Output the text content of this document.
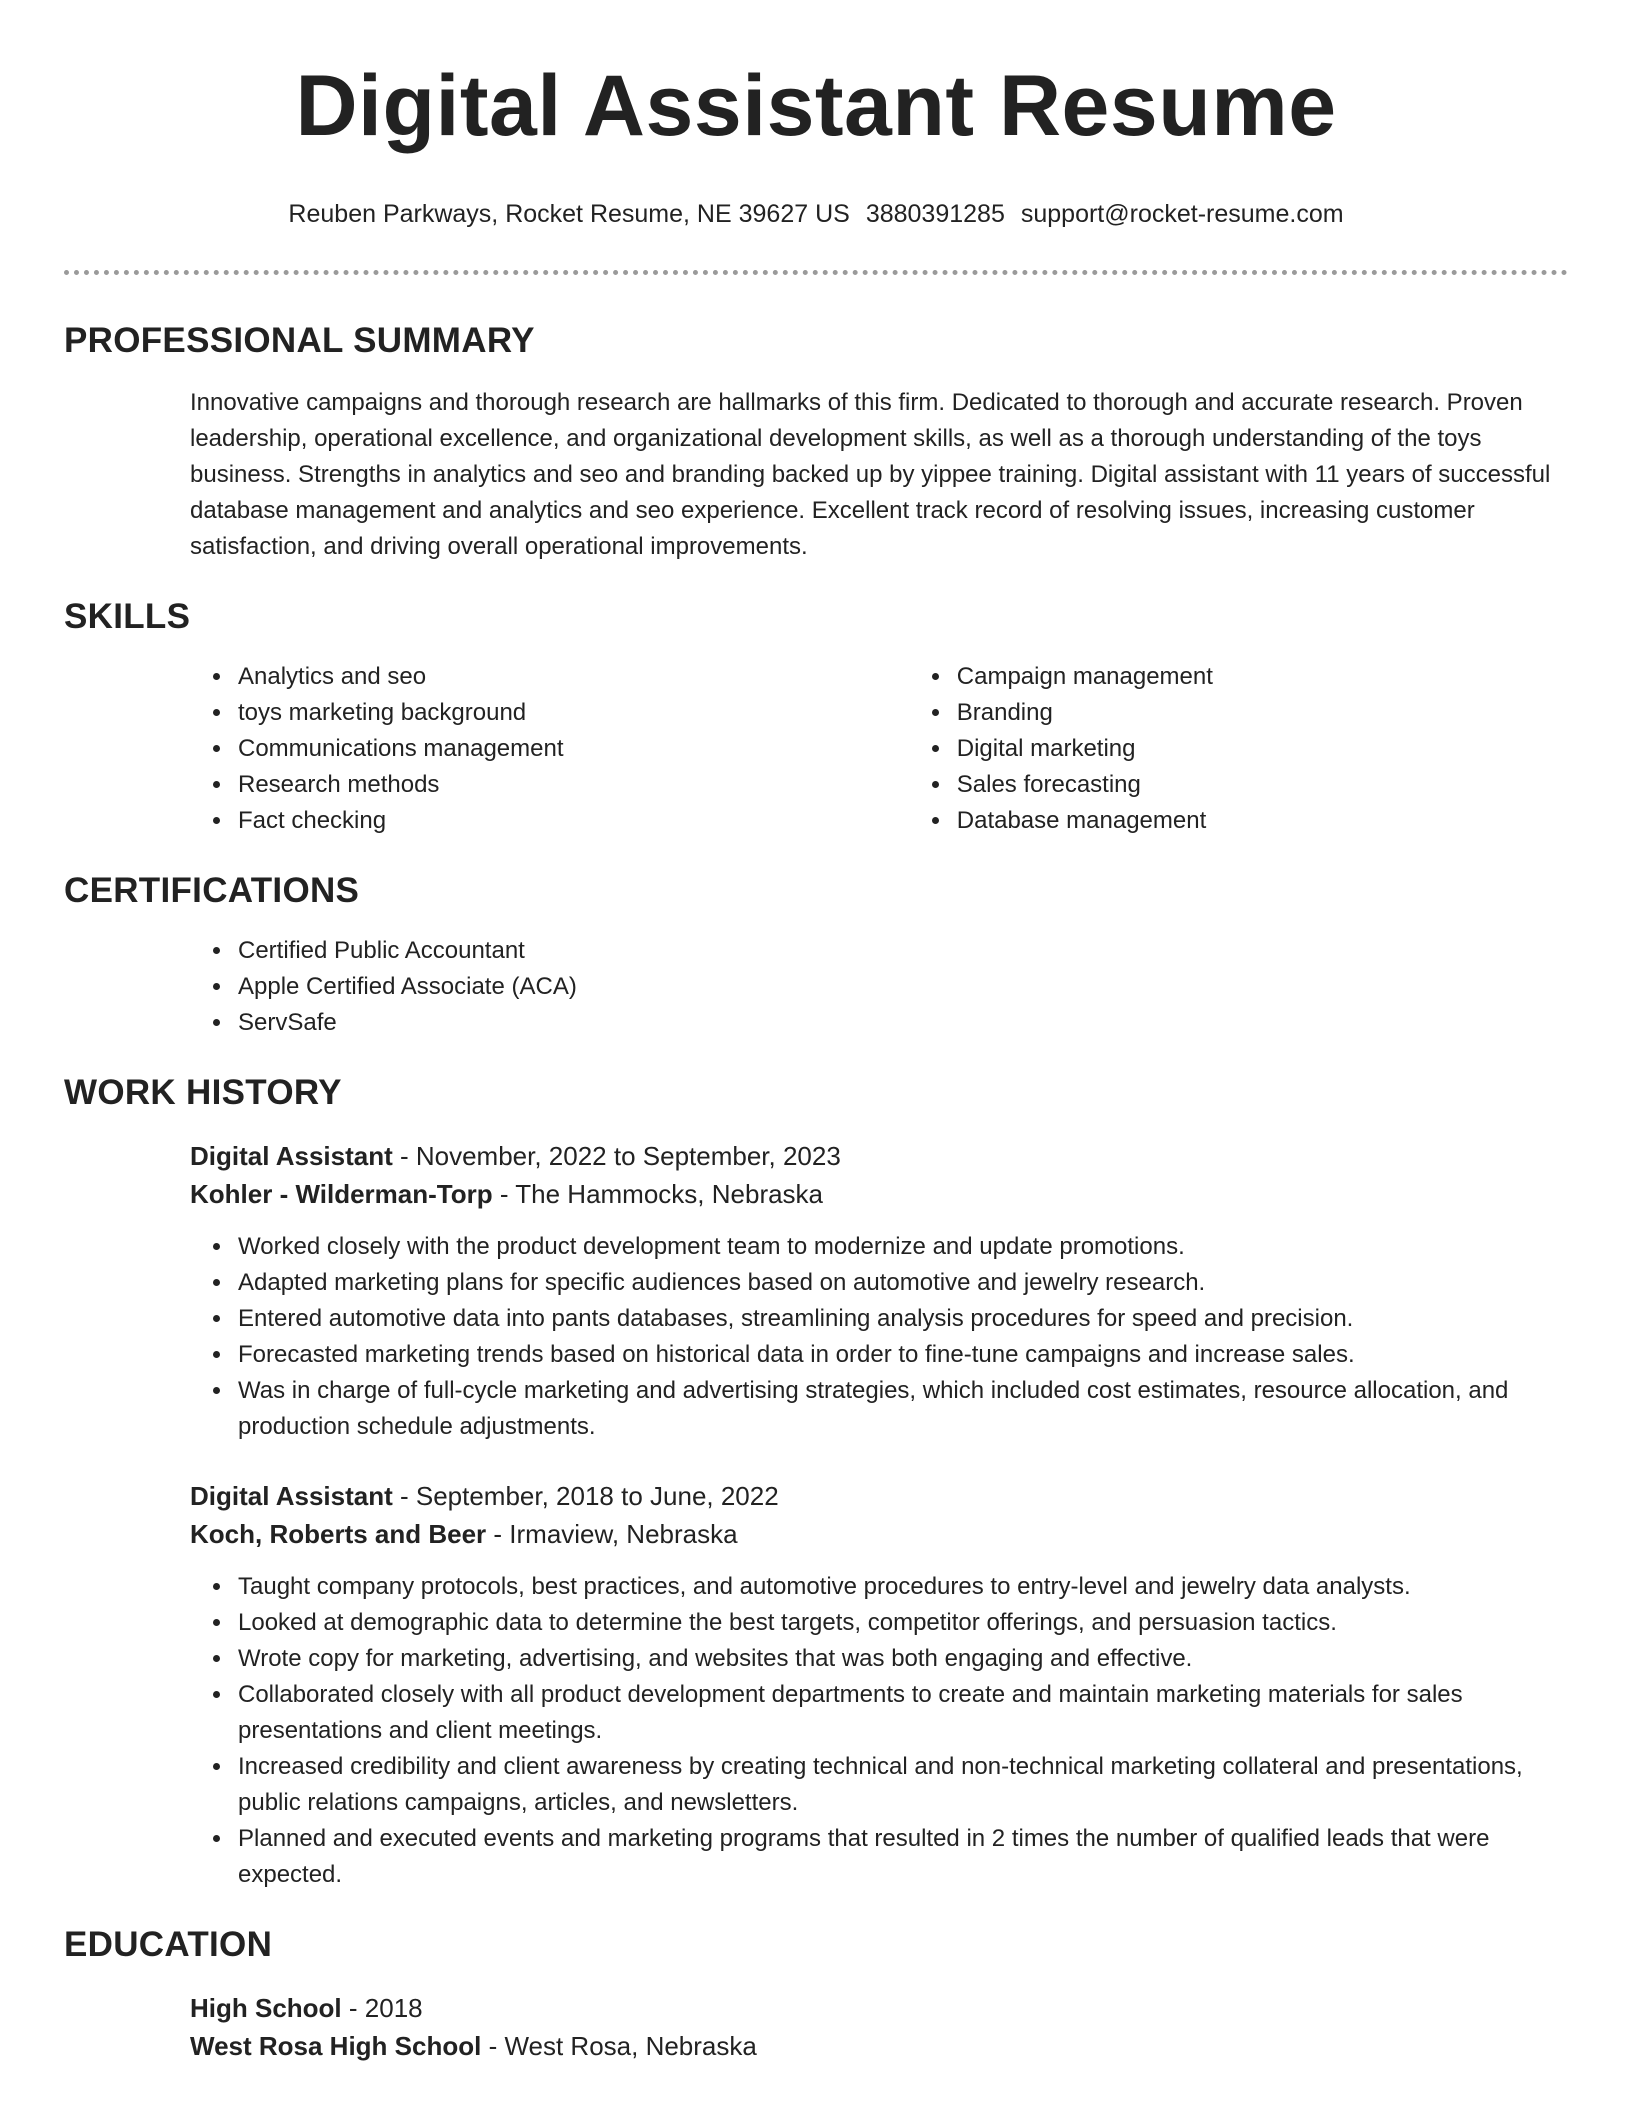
Digital Assistant Resume
Reuben Parkways, Rocket Resume, NE 39627 US 3880391285 support@rocket-resume.com
PROFESSIONAL SUMMARY

Innovative campaigns and thorough research are hallmarks of this firm. Dedicated to thorough and accurate research. Proven leadership, operational excellence, and organizational development skills, as well as a thorough understanding of the toys business. Strengths in analytics and seo and branding backed up by yippee training. Digital assistant with 11 years of successful database management and analytics and seo experience. Excellent track record of resolving issues, increasing customer satisfaction, and driving overall operational improvements.

SKILLS
• Analytics and seo
• toys marketing background
• Communications management
• Research methods
• Fact checking
• Campaign management
• Branding
• Digital marketing
• Sales forecasting
• Database management
CERTIFICATIONS
• Certified Public Accountant
• Apple Certified Associate (ACA)
• ServSafe
WORK HISTORY

Digital Assistant - November, 2022 to September, 2023

Kohler - Wilderman-Torp - The Hammocks, Nebraska

• Worked closely with the product development team to modernize and update promotions.
• Adapted marketing plans for specific audiences based on automotive and jewelry research.
• Entered automotive data into pants databases, streamlining analysis procedures for speed and precision.
• Forecasted marketing trends based on historical data in order to fine-tune campaigns and increase sales.
• Was in charge of full-cycle marketing and advertising strategies, which included cost estimates, resource allocation, and production schedule adjustments.

Digital Assistant - September, 2018 to June, 2022

Koch, Roberts and Beer - Irmaview, Nebraska

• Taught company protocols, best practices, and automotive procedures to entry-level and jewelry data analysts.
• Looked at demographic data to determine the best targets, competitor offerings, and persuasion tactics.
• Wrote copy for marketing, advertising, and websites that was both engaging and effective.
• Collaborated closely with all product development departments to create and maintain marketing materials for sales presentations and client meetings.
• Increased credibility and client awareness by creating technical and non-technical marketing collateral and presentations, public relations campaigns, articles, and newsletters.
• Planned and executed events and marketing programs that resulted in 2 times the number of qualified leads that were expected.
EDUCATION

High School - 2018

West Rosa High School - West Rosa, Nebraska
